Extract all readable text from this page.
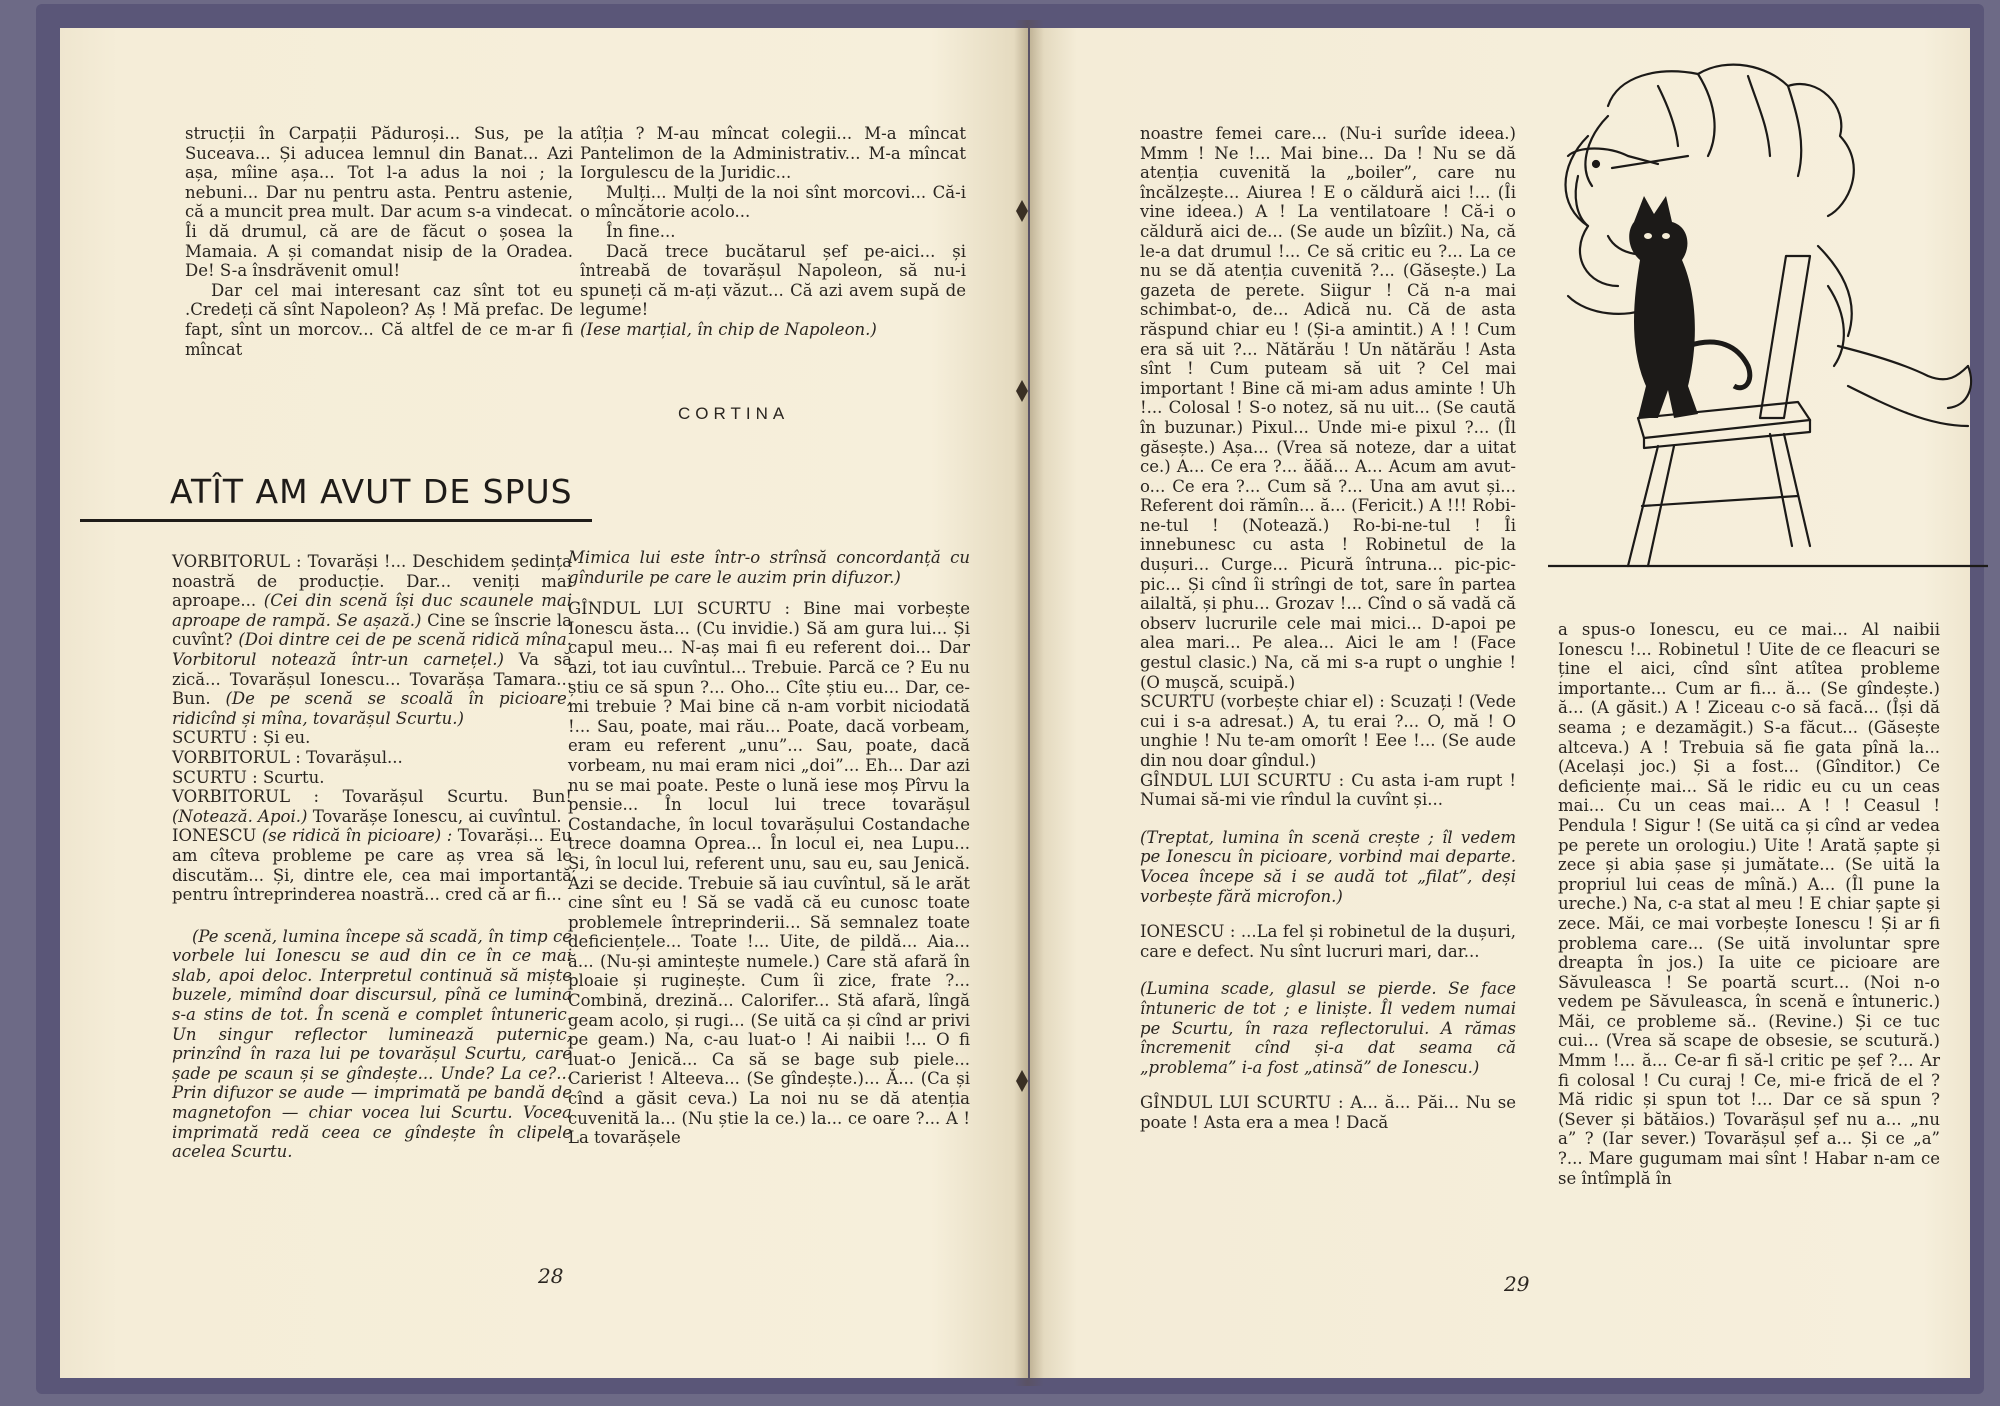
strucții în Carpații Păduroși... Sus, pe la Suceava... Și aducea lemnul din Banat... Azi așa, mîine așa... Tot l-a adus la noi ; la nebuni... Dar nu pentru asta. Pentru astenie, că a muncit prea mult. Dar acum s-a vindecat. Îi dă drumul, că are de făcut o șosea la Mamaia. A și comandat nisip de la Oradea. De! S-a însdrăvenit omul!

Dar cel mai interesant caz sînt tot eu .Credeți că sînt Napoleon? Aș ! Mă prefac. De fapt, sînt un morcov... Că altfel de ce m-ar fi mîncat

atîția ? M-au mîncat colegii... M-a mîncat Pantelimon de la Administrativ... M-a mîncat Iorgulescu de la Juridic...

Mulți... Mulți de la noi sînt morcovi... Că-i o mîncătorie acolo...

În fine...

Dacă trece bucătarul șef pe-aici... și întreabă de tovarășul Napoleon, să nu-i spuneți că m-ați văzut... Că azi avem supă de legume!

(Iese marțial, în chip de Napoleon.)

CORTINA
ATÎT AM AVUT DE SPUS

VORBITORUL : Tovarăși !... Deschidem ședința noastră de producție. Dar... veniți mai aproape... (Cei din scenă își duc scaunele mai aproape de rampă. Se așază.) Cine se înscrie la cuvînt? (Doi dintre cei de pe scenă ridică mîna. Vorbitorul notează într-un carnețel.) Va să zică... Tovarășul Ionescu... Tovarășa Tamara... Bun. (De pe scenă se scoală în picioare, ridicînd și mîna, tovarășul Scurtu.)

SCURTU : Și eu.

VORBITORUL : Tovarășul...

SCURTU : Scurtu.

VORBITORUL : Tovarășul Scurtu. Bun! (Notează. Apoi.) Tovarășe Ionescu, ai cuvîntul.

IONESCU (se ridică în picioare) : Tovarăși... Eu am cîteva probleme pe care aș vrea să le discutăm... Și, dintre ele, cea mai importantă pentru întreprinderea noastră... cred că ar fi...

(Pe scenă, lumina începe să scadă, în timp ce vorbele lui Ionescu se aud din ce în ce mai slab, apoi deloc. Interpretul continuă să miște buzele, mimînd doar discursul, pînă ce lumina s-a stins de tot. În scenă e complet întuneric. Un singur reflector luminează puternic, prinzînd în raza lui pe tovarășul Scurtu, care șade pe scaun și se gîndește... Unde? La ce?... Prin difuzor se aude — imprimată pe bandă de magnetofon — chiar vocea lui Scurtu. Vocea imprimată redă ceea ce gîndește în clipele acelea Scurtu.

Mimica lui este într-o strînsă concordanță cu gîndurile pe care le auzim prin difuzor.)

GÎNDUL LUI SCURTU : Bine mai vorbește Ionescu ăsta... (Cu invidie.) Să am gura lui... Și capul meu... N-aș mai fi eu referent doi... Dar azi, tot iau cuvîntul... Trebuie. Parcă ce ? Eu nu știu ce să spun ?... Oho... Cîte știu eu... Dar, ce-mi trebuie ? Mai bine că n-am vorbit niciodată !... Sau, poate, mai rău... Poate, dacă vorbeam, eram eu referent „unu”... Sau, poate, dacă vorbeam, nu mai eram nici „doi”... Eh... Dar azi nu se mai poate. Peste o lună iese moș Pîrvu la pensie... În locul lui trece tovarășul Costandache, în locul tovarășului Costandache trece doamna Oprea... În locul ei, nea Lupu... Și, în locul lui, referent unu, sau eu, sau Jenică. Azi se decide. Trebuie să iau cuvîntul, să le arăt cine sînt eu ! Să se vadă că eu cunosc toate problemele întreprinderii... Să semnalez toate deficiențele... Toate !... Uite, de pildă... Aia... ă... (Nu-și amintește numele.) Care stă afară în ploaie și ruginește. Cum îi zice, frate ?... Combină, drezină... Calorifer... Stă afară, lîngă geam acolo, și rugi... (Se uită ca și cînd ar privi pe geam.) Na, c-au luat-o ! Ai naibii !... O fi luat-o Jenică... Ca să se bage sub piele... Carierist ! Alteeva... (Se gîndește.)... Ă... (Ca și cînd a găsit ceva.) La noi nu se dă atenția cuvenită la... (Nu știe la ce.) la... ce oare ?... A ! La tovarășele

28

noastre femei care... (Nu-i surîde ideea.) Mmm ! Ne !... Mai bine... Da ! Nu se dă atenția cuvenită la „boiler”, care nu încălzește... Aiurea ! E o căldură aici !... (Îi vine ideea.) A ! La ventilatoare ! Că-i o căldură aici de... (Se aude un bîzîit.) Na, că le-a dat drumul !... Ce să critic eu ?... La ce nu se dă atenția cuvenită ?... (Găsește.) La gazeta de perete. Siigur ! Că n-a mai schimbat-o, de... Adică nu. Că de asta răspund chiar eu ! (Și-a amintit.) A ! ! Cum era să uit ?... Nătărău ! Un nătărău ! Asta sînt ! Cum puteam să uit ? Cel mai important ! Bine că mi-am adus aminte ! Uh !... Colosal ! S-o notez, să nu uit... (Se caută în buzunar.) Pixul... Unde mi-e pixul ?... (Îl găsește.) Așa... (Vrea să noteze, dar a uitat ce.) A... Ce era ?... ăăă... A... Acum am avut-o... Ce era ?... Cum să ?... Una am avut și... Referent doi rămîn... ă... (Fericit.) A !!! Robi-ne-tul ! (Notează.) Ro-bi-ne-tul ! Îi innebunesc cu asta ! Robinetul de la dușuri... Curge... Picură întruna... pic-pic-pic... Și cînd îi strîngi de tot, sare în partea ailaltă, și phu... Grozav !... Cînd o să vadă că observ lucrurile cele mai mici... D-apoi pe alea mari... Pe alea... Aici le am ! (Face gestul clasic.) Na, că mi s-a rupt o unghie ! (O mușcă, scuipă.)

SCURTU (vorbește chiar el) : Scuzați ! (Vede cui i s-a adresat.) A, tu erai ?... O, mă ! O unghie ! Nu te-am omorît ! Eee !... (Se aude din nou doar gîndul.)

GÎNDUL LUI SCURTU : Cu asta i-am rupt ! Numai să-mi vie rîndul la cuvînt și...

(Treptat, lumina în scenă crește ; îl vedem pe Ionescu în picioare, vorbind mai departe. Vocea începe să i se audă tot „filat”, deși vorbește fără microfon.)

IONESCU : ...La fel și robinetul de la dușuri, care e defect. Nu sînt lucruri mari, dar...

(Lumina scade, glasul se pierde. Se face întuneric de tot ; e liniște. Îl vedem numai pe Scurtu, în raza reflectorului. A rămas încremenit cînd și-a dat seama că „problema” i-a fost „atinsă” de Ionescu.)

GÎNDUL LUI SCURTU : A... ă... Păi... Nu se poate ! Asta era a mea ! Dacă

a spus-o Ionescu, eu ce mai... Al naibii Ionescu !... Robinetul ! Uite de ce fleacuri se ține el aici, cînd sînt atîtea probleme importante... Cum ar fi... ă... (Se gîndește.) ă... (A găsit.) A ! Ziceau c-o să facă... (Își dă seama ; e dezamăgit.) S-a făcut... (Găsește altceva.) A ! Trebuia să fie gata pînă la... (Același joc.) Și a fost... (Gînditor.) Ce deficiențe mai... Să le ridic eu cu un ceas mai... Cu un ceas mai... A ! ! Ceasul ! Pendula ! Sigur ! (Se uită ca și cînd ar vedea pe perete un orologiu.) Uite ! Arată șapte și zece și abia șase și jumătate... (Se uită la propriul lui ceas de mînă.) A... (Îl pune la ureche.) Na, c-a stat al meu ! E chiar șapte și zece. Măi, ce mai vorbește Ionescu ! Și ar fi problema care... (Se uită involuntar spre dreapta în jos.) Ia uite ce picioare are Săvuleasca ! Se poartă scurt... (Noi n-o vedem pe Săvuleasca, în scenă e întuneric.) Măi, ce probleme să.. (Revine.) Și ce tuc cui... (Vrea să scape de obsesie, se scutură.) Mmm !... ă... Ce-ar fi să-l critic pe șef ?... Ar fi colosal ! Cu curaj ! Ce, mi-e frică de el ? Mă ridic și spun tot !... Dar ce să spun ? (Sever și bătăios.) Tovarășul șef nu a... „nu a” ? (Iar sever.) Tovarășul șef a... Și ce „a” ?... Mare gugumam mai sînt ! Habar n-am ce se întîmplă în

29
